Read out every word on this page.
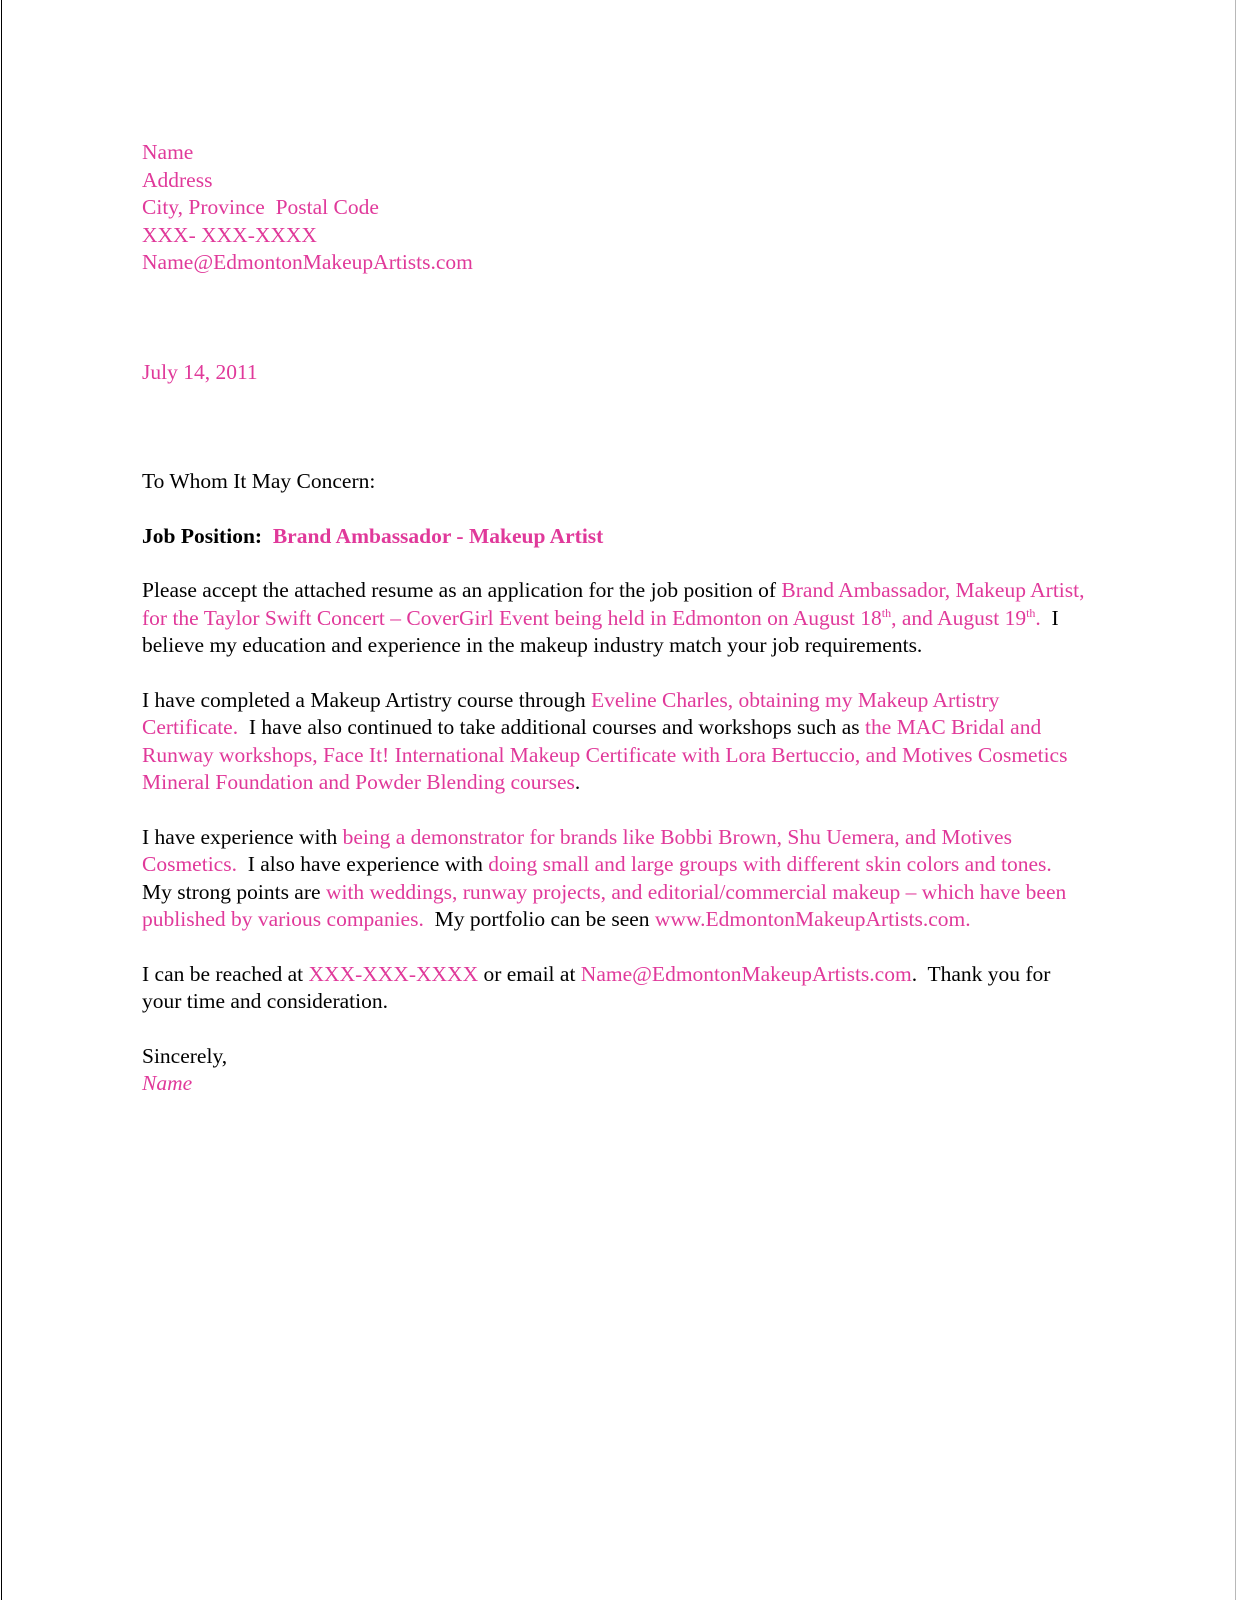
Name
Address
City, Province  Postal Code
XXX- XXX-XXXX
Name@EdmontonMakeupArtists.com
July 14, 2011
To Whom It May Concern:
Job Position: Brand Ambassador - Makeup Artist

Please accept the attached resume as an application for the job position of Brand Ambassador, Makeup Artist, for the Taylor Swift Concert – CoverGirl Event being held in Edmonton on August 18th, and August 19th.  I believe my education and experience in the makeup industry match your job requirements.

I have completed a Makeup Artistry course through Eveline Charles, obtaining my Makeup Artistry Certificate.  I have also continued to take additional courses and workshops such as the MAC Bridal and Runway workshops, Face It! International Makeup Certificate with Lora Bertuccio, and Motives Cosmetics Mineral Foundation and Powder Blending courses.

I have experience with being a demonstrator for brands like Bobbi Brown, Shu Uemera, and Motives Cosmetics.  I also have experience with doing small and large groups with different skin colors and tones.  My strong points are with weddings, runway projects, and editorial/commercial makeup – which have been published by various companies.  My portfolio can be seen www.EdmontonMakeupArtists.com.

I can be reached at XXX-XXX-XXXX or email at Name@EdmontonMakeupArtists.com.  Thank you for your time and consideration.

Sincerely,
Name
